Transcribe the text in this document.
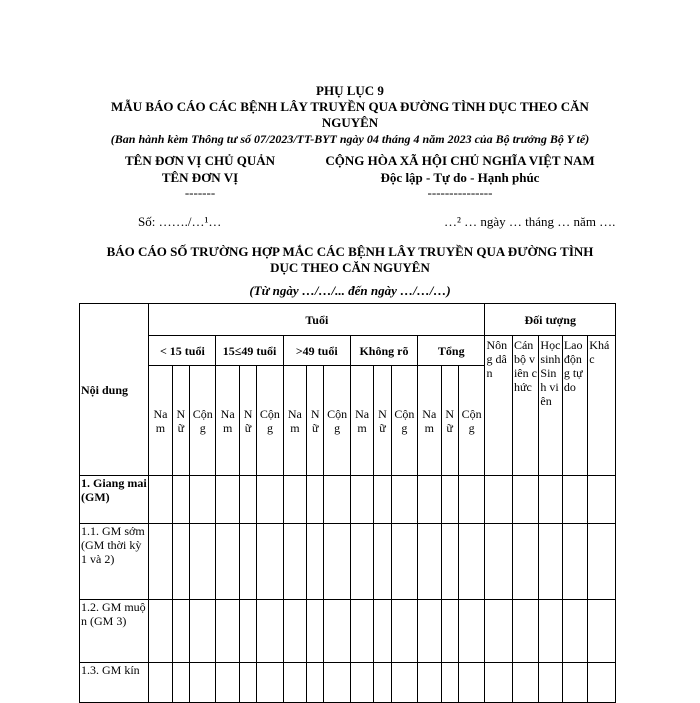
PHỤ LỤC 9
MẪU BÁO CÁO CÁC BỆNH LÂY TRUYỀN QUA ĐƯỜNG TÌNH DỤC THEO CĂN
NGUYÊN
(Ban hành kèm Thông tư số 07/2023/TT-BYT ngày 04 tháng 4 năm 2023 của Bộ trưởng Bộ Y tế)
TÊN ĐƠN VỊ CHỦ QUẢN
TÊN ĐƠN VỊ
-------
CỘNG HÒA XÃ HỘI CHỦ NGHĨA VIỆT NAM
Độc lập - Tự do - Hạnh phúc
---------------
Số: ……./…¹…	…² … ngày … tháng … năm ….
BÁO CÁO SỐ TRƯỜNG HỢP MẮC CÁC BỆNH LÂY TRUYỀN QUA ĐƯỜNG TÌNH
DỤC THEO CĂN NGUYÊN
(Từ ngày …/…/... đến ngày …/…/…)
Nội dung	Tuổi															Đối tượng				
	< 15 tuổi			15≤49 tuổi			>49 tuổi			Không rõ			Tổng			Nông dân	Cán bộ viên chức	Học sinh Sinh viên	Lao động tự do	Khác
	Nam	Nữ	Cộng	Nam	Nữ	Cộng	Nam	Nữ	Cộng	Nam	Nữ	Cộng	Nam	Nữ	Cộng					
1. Giang mai (GM)																				
1.1. GM sớm (GM thời kỳ 1 và 2)																				
1.2. GM muộn (GM 3)																				
1.3. GM kín																				
